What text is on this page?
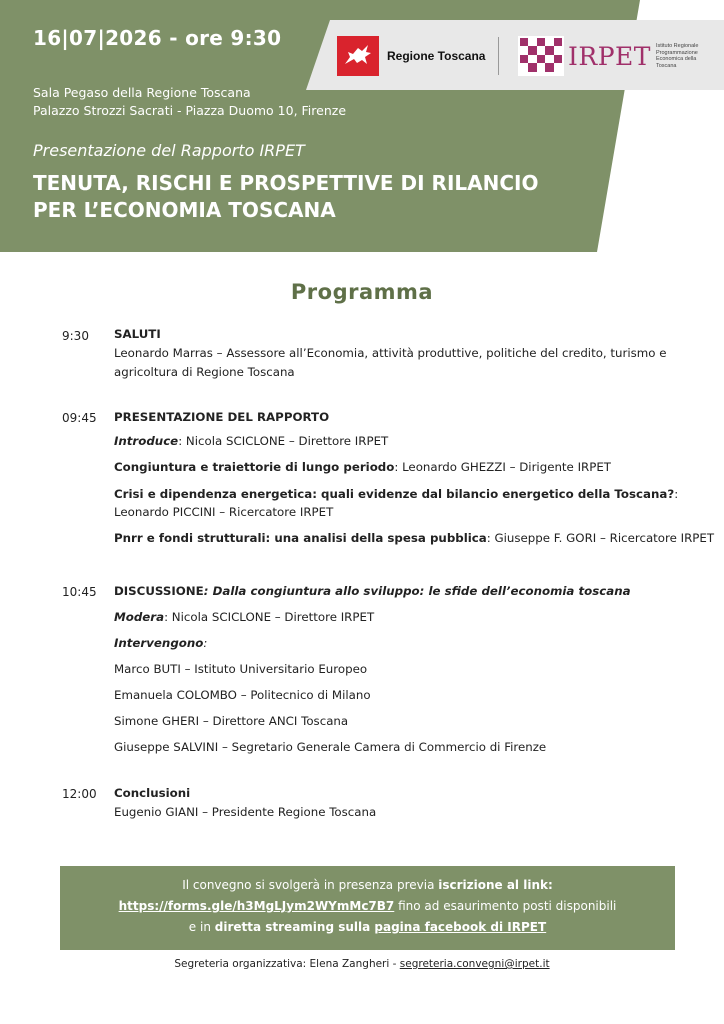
16|07|2026 - ore 9:30
Sala Pegaso della Regione Toscana
Palazzo Strozzi Sacrati - Piazza Duomo 10, Firenze
Presentazione del Rapporto IRPET
TENUTA, RISCHI E PROSPETTIVE DI RILANCIO
PER L’ECONOMIA TOSCANA
Regione Toscana	IRPET Istituto Regionale Programmazione Economica della Toscana
Programma
9:30 SALUTI
Leonardo Marras – Assessore all’Economia, attività produttive, politiche del credito, turismo e
agricoltura di Regione Toscana
09:45 PRESENTAZIONE DEL RAPPORTO
Introduce: Nicola SCICLONE – Direttore IRPET
Congiuntura e traiettorie di lungo periodo: Leonardo GHEZZI – Dirigente IRPET
Crisi e dipendenza energetica: quali evidenze dal bilancio energetico della Toscana?:
Leonardo PICCINI – Ricercatore IRPET
Pnrr e fondi strutturali: una analisi della spesa pubblica: Giuseppe F. GORI – Ricercatore IRPET
10:45 DISCUSSIONE: Dalla congiuntura allo sviluppo: le sfide dell’economia toscana
Modera: Nicola SCICLONE – Direttore IRPET
Intervengono:
Marco BUTI – Istituto Universitario Europeo
Emanuela COLOMBO – Politecnico di Milano
Simone GHERI – Direttore ANCI Toscana
Giuseppe SALVINI – Segretario Generale Camera di Commercio di Firenze
12:00 Conclusioni
Eugenio GIANI – Presidente Regione Toscana
Il convegno si svolgerà in presenza previa iscrizione al link:
https://forms.gle/h3MgLJym2WYmMc7B7 fino ad esaurimento posti disponibili
e in diretta streaming sulla pagina facebook di IRPET
Segreteria organizzativa: Elena Zangheri - segreteria.convegni@irpet.it
